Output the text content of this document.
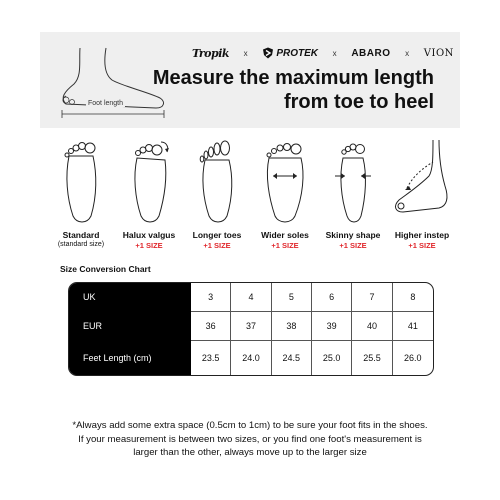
Foot length
Tropik x	PROTEK x ABARO x VION
Measure the maximum length
from toe to heel
Standard
(standard size)
Halux valgus
+1 SIZE
Longer toes
+1 SIZE
Wider soles
+1 SIZE
Skinny shape
+1 SIZE
Higher instep
+1 SIZE
Size Conversion Chart
UK	3	4	5	6	7	8
EUR	36	37	38	39	40	41
Feet Length (cm)	23.5	24.0	24.5	25.0	25.5	26.0
*Always add some extra space (0.5cm to 1cm) to be sure your foot fits in the shoes.
If your measurement is between two sizes, or you find one foot's measurement is
larger than the other, always move up to the larger size
